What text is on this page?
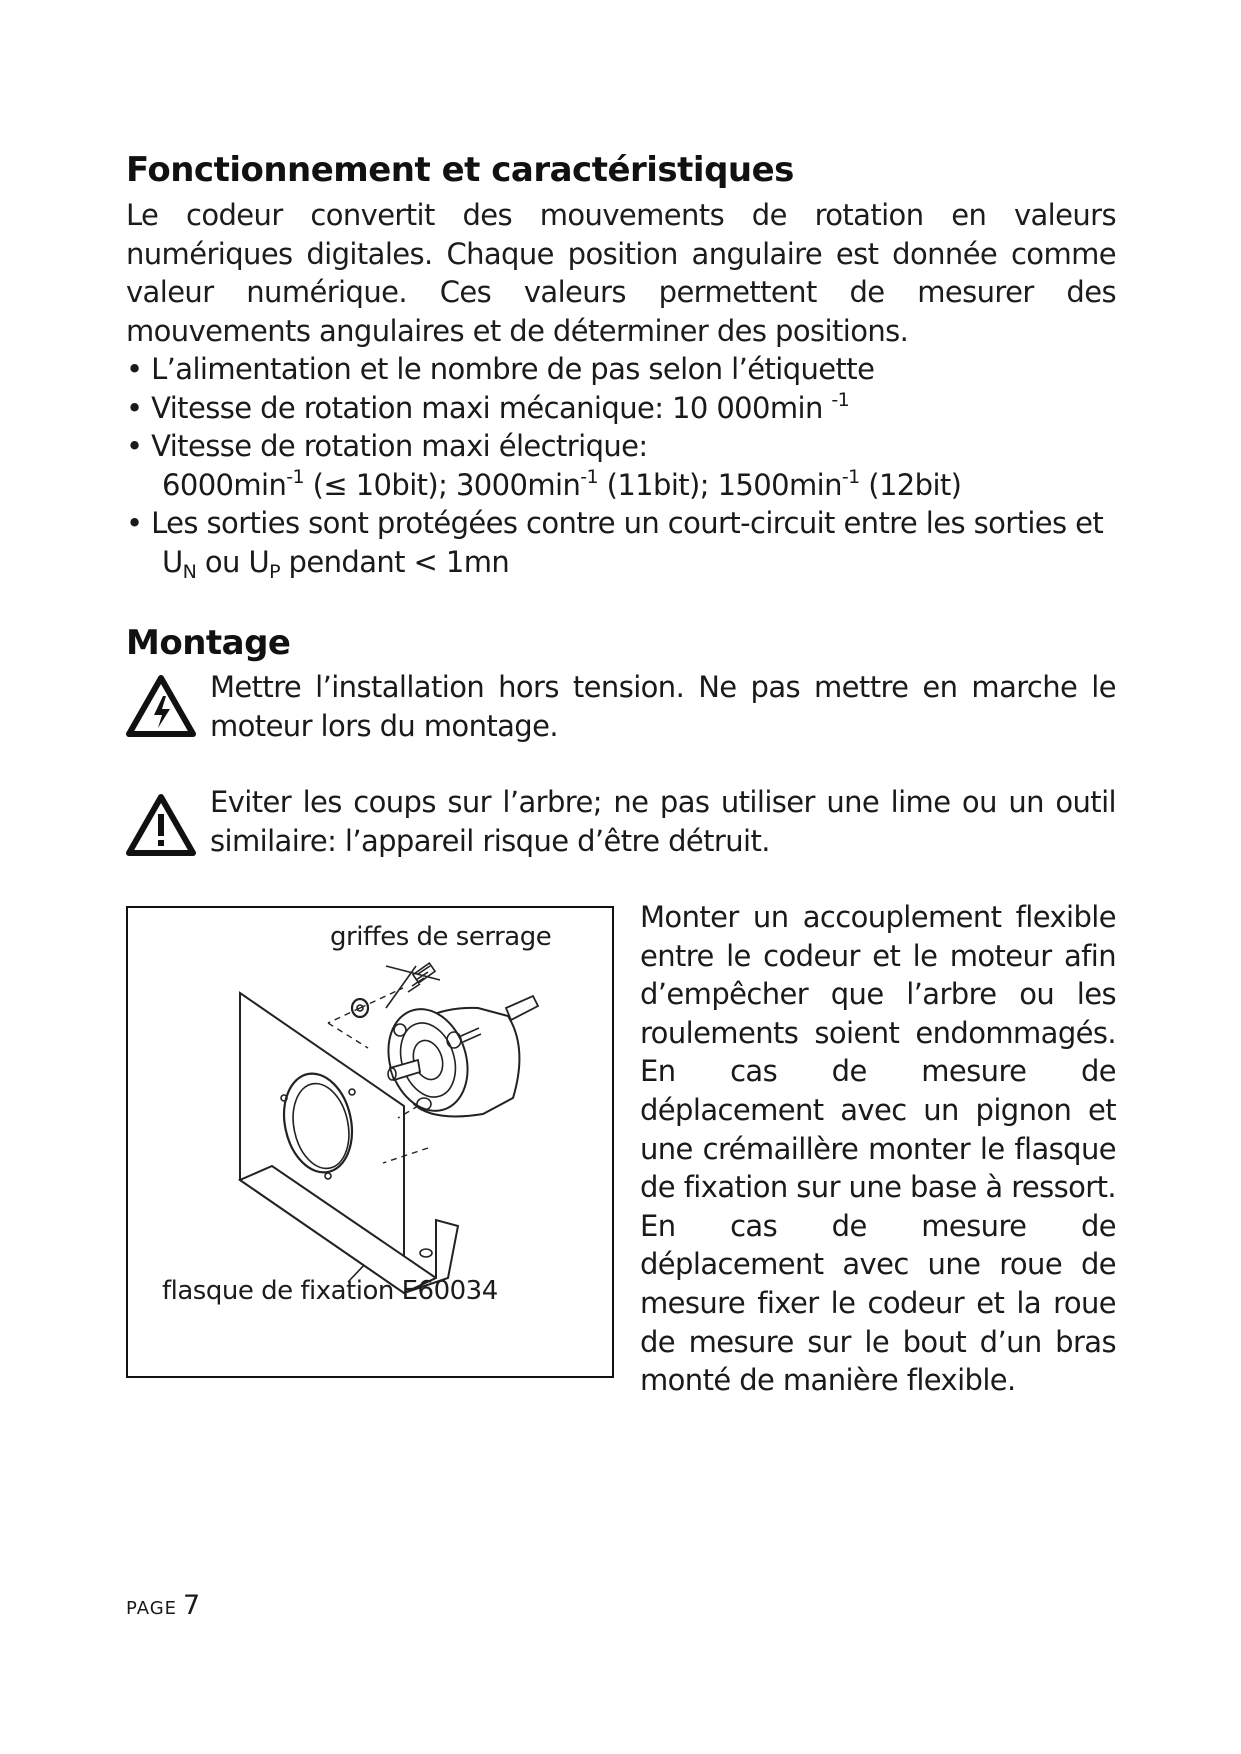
Fonctionnement et caractéristiques

Le codeur convertit des mouvements de rotation en valeurs numériques digitales. Chaque position angulaire est donnée comme valeur numérique. Ces valeurs permettent de mesurer des mouvements angulaires et de déterminer des positions.

• L’alimentation et le nombre de pas selon l’étiquette
• Vitesse de rotation maxi mécanique: 10 000min $^{-1}$
• Vitesse de rotation maxi électrique:
$6000\min^{-1}$ (≤ 10bit); $3000\min^{-1}$ (11bit); $1500\min^{-1}$ (12bit)
• Les sorties sont protégées contre un court-circuit entre les sorties et
$U_N$ ou $U_P$ pendant < 1mn
Montage

Mettre l’installation hors tension. Ne pas mettre en marche le moteur lors du montage.

Eviter les coups sur l’arbre; ne pas utiliser une lime ou un outil similaire: l’appareil risque d’être détruit.

griffes de serrage
flasque de fixation E60034

Monter un accouplement flexible entre le codeur et le moteur afin d’empêcher que l’arbre ou les roulements soient endommagés. En cas de mesure de déplacement avec un pignon et une crémaillère monter le flasque de fixation sur une base à ressort. En cas de mesure de déplacement avec une roue de mesure fixer le codeur et la roue de mesure sur le bout d’un bras monté de manière flexible.

PAGE 7
